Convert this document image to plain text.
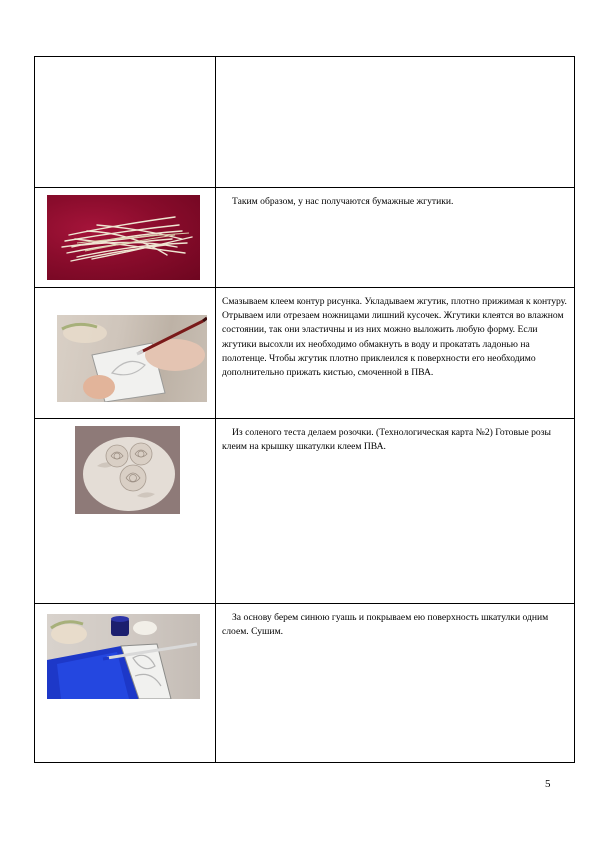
Таким образом, у нас получаются бумажные жгутики.

Смазываем клеем контур рисунка. Укладываем жгутик, плотно прижимая к контуру. Отрываем или отрезаем ножницами лишний кусочек. Жгутики клеятся во влажном состоянии, так они эластичны и из них можно выложить любую форму. Если жгутики высохли их необходимо обмакнуть в воду и прокатать ладонью на полотенце. Чтобы жгутик плотно приклеился к поверхности его необходимо дополнительно прижать кистью, смоченной в ПВА.

Из соленого теста делаем розочки. (Технологическая карта №2) Готовые розы клеим на крышку шкатулки клеем ПВА.

За основу берем синюю гуашь и покрываем ею поверхность шкатулки одним слоем. Сушим.

5
